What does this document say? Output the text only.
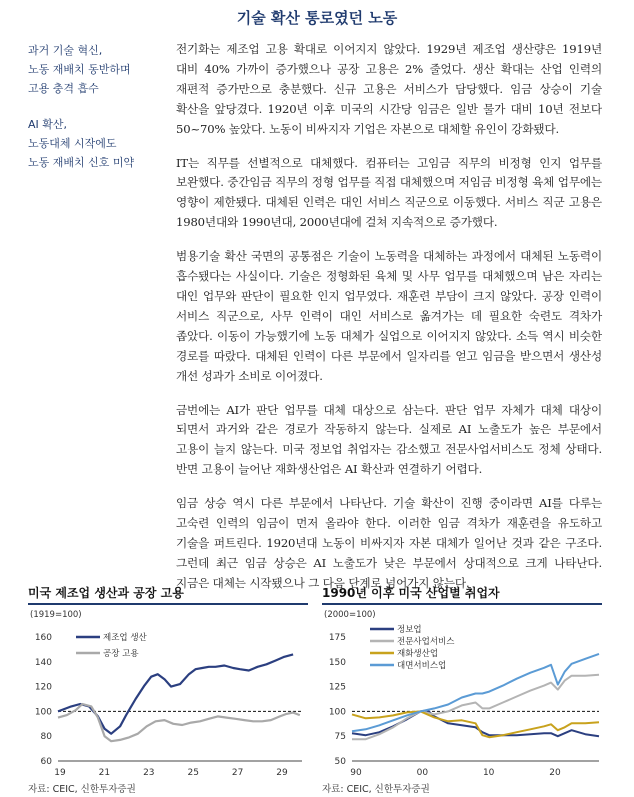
기술 확산 통로였던 노동
과거 기술 혁신,
노동 재배치 동반하며
고용 충격 흡수
AI 확산,
노동대체 시작에도
노동 재배치 신호 미약

전기화는 제조업 고용 확대로 이어지지 않았다. 1929년 제조업 생산량은 1919년 대비 40% 가까이 증가했으나 공장 고용은 2% 줄었다. 생산 확대는 산업 인력의 재편적 증가만으로 충분했다. 신규 고용은 서비스가 담당했다. 임금 상승이 기술 확산을 앞당겼다. 1920년 이후 미국의 시간당 임금은 일반 물가 대비 10년 전보다 50~70% 높았다. 노동이 비싸지자 기업은 자본으로 대체할 유인이 강화됐다.

IT는 직무를 선별적으로 대체했다. 컴퓨터는 고임금 직무의 비정형 인지 업무를 보완했다. 중간임금 직무의 정형 업무를 직접 대체했으며 저임금 비정형 육체 업무에는 영향이 제한됐다. 대체된 인력은 대인 서비스 직군으로 이동했다. 서비스 직군 고용은 1980년대와 1990년대, 2000년대에 걸쳐 지속적으로 증가했다.

범용기술 확산 국면의 공통점은 기술이 노동력을 대체하는 과정에서 대체된 노동력이 흡수됐다는 사실이다. 기술은 정형화된 육체 및 사무 업무를 대체했으며 남은 자리는 대인 업무와 판단이 필요한 인지 업무였다. 재훈련 부담이 크지 않았다. 공장 인력이 서비스 직군으로, 사무 인력이 대인 서비스로 옮겨가는 데 필요한 숙련도 격차가 좁았다. 이동이 가능했기에 노동 대체가 실업으로 이어지지 않았다. 소득 역시 비슷한 경로를 따랐다. 대체된 인력이 다른 부문에서 일자리를 얻고 임금을 받으면서 생산성 개선 성과가 소비로 이어졌다.

금번에는 AI가 판단 업무를 대체 대상으로 삼는다. 판단 업무 자체가 대체 대상이 되면서 과거와 같은 경로가 작동하지 않는다. 실제로 AI 노출도가 높은 부문에서 고용이 늘지 않는다. 미국 정보업 취업자는 감소했고 전문사업서비스도 정체 상태다. 반면 고용이 늘어난 재화생산업은 AI 확산과 연결하기 어렵다.

임금 상승 역시 다른 부문에서 나타난다. 기술 확산이 진행 중이라면 AI를 다루는 고숙련 인력의 임금이 먼저 올라야 한다. 이러한 임금 격차가 재훈련을 유도하고 기술을 퍼트린다. 1920년대 노동이 비싸지자 자본 대체가 일어난 것과 같은 구조다. 그런데 최근 임금 상승은 AI 노출도가 낮은 부문에서 상대적으로 크게 나타난다. 지금은 대체는 시작됐으나 그 다음 단계로 넘어가지 않는다.

미국 제조업 생산과 공장 고용
(1919=100)
60
80
100
120
140
160
19	21	23	25	27	29
제조업 생산
공장 고용
자료: CEIC, 신한투자증권
1990년 이후 미국 산업별 취업자
(2000=100)
50
75
100
125
150
175
90	00	10	20
정보업
전문사업서비스
재화생산업
대면서비스업
자료: CEIC, 신한투자증권
